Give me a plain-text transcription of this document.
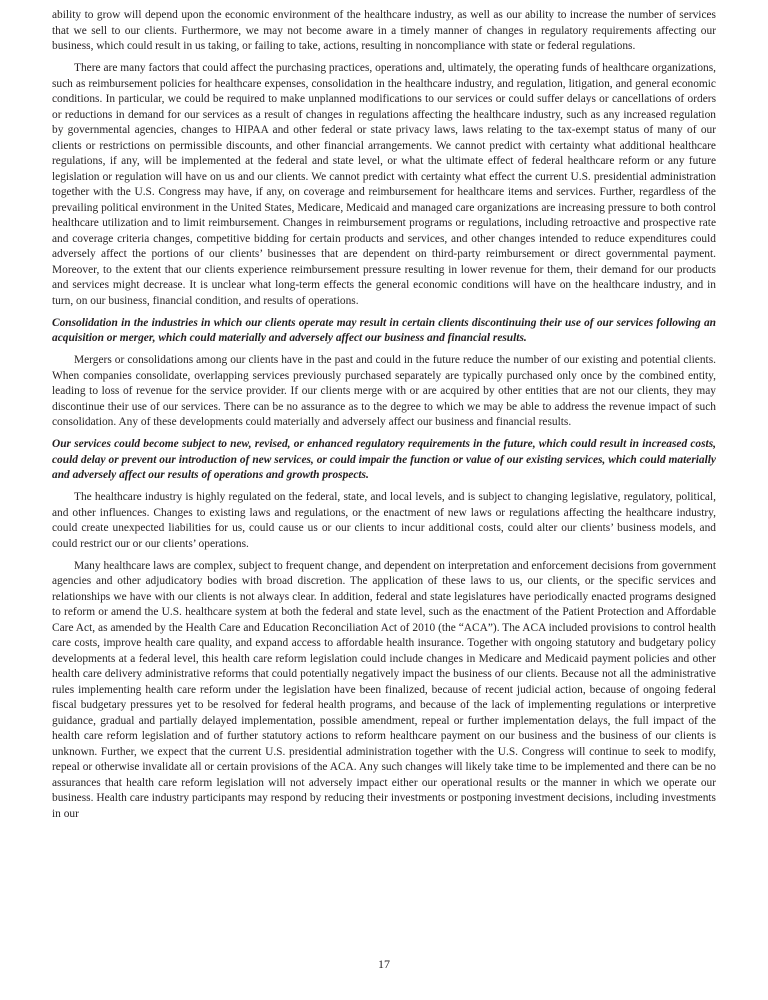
ability to grow will depend upon the economic environment of the healthcare industry, as well as our ability to increase the number of services that we sell to our clients. Furthermore, we may not become aware in a timely manner of changes in regulatory requirements affecting our business, which could result in us taking, or failing to take, actions, resulting in noncompliance with state or federal regulations.

There are many factors that could affect the purchasing practices, operations and, ultimately, the operating funds of healthcare organizations, such as reimbursement policies for healthcare expenses, consolidation in the healthcare industry, and regulation, litigation, and general economic conditions. In particular, we could be required to make unplanned modifications to our services or could suffer delays or cancellations of orders or reductions in demand for our services as a result of changes in regulations affecting the healthcare industry, such as any increased regulation by governmental agencies, changes to HIPAA and other federal or state privacy laws, laws relating to the tax-exempt status of many of our clients or restrictions on permissible discounts, and other financial arrangements. We cannot predict with certainty what additional healthcare regulations, if any, will be implemented at the federal and state level, or what the ultimate effect of federal healthcare reform or any future legislation or regulation will have on us and our clients. We cannot predict with certainty what effect the current U.S. presidential administration together with the U.S. Congress may have, if any, on coverage and reimbursement for healthcare items and services. Further, regardless of the prevailing political environment in the United States, Medicare, Medicaid and managed care organizations are increasing pressure to both control healthcare utilization and to limit reimbursement. Changes in reimbursement programs or regulations, including retroactive and prospective rate and coverage criteria changes, competitive bidding for certain products and services, and other changes intended to reduce expenditures could adversely affect the portions of our clients’ businesses that are dependent on third-party reimbursement or direct governmental payment. Moreover, to the extent that our clients experience reimbursement pressure resulting in lower revenue for them, their demand for our products and services might decrease. It is unclear what long-term effects the general economic conditions will have on the healthcare industry, and in turn, on our business, financial condition, and results of operations.

Consolidation in the industries in which our clients operate may result in certain clients discontinuing their use of our services following an acquisition or merger, which could materially and adversely affect our business and financial results.

Mergers or consolidations among our clients have in the past and could in the future reduce the number of our existing and potential clients. When companies consolidate, overlapping services previously purchased separately are typically purchased only once by the combined entity, leading to loss of revenue for the service provider. If our clients merge with or are acquired by other entities that are not our clients, they may discontinue their use of our services. There can be no assurance as to the degree to which we may be able to address the revenue impact of such consolidation. Any of these developments could materially and adversely affect our business and financial results.

Our services could become subject to new, revised, or enhanced regulatory requirements in the future, which could result in increased costs, could delay or prevent our introduction of new services, or could impair the function or value of our existing services, which could materially and adversely affect our results of operations and growth prospects.

The healthcare industry is highly regulated on the federal, state, and local levels, and is subject to changing legislative, regulatory, political, and other influences. Changes to existing laws and regulations, or the enactment of new laws or regulations affecting the healthcare industry, could create unexpected liabilities for us, could cause us or our clients to incur additional costs, could alter our clients’ business models, and could restrict our or our clients’ operations.

Many healthcare laws are complex, subject to frequent change, and dependent on interpretation and enforcement decisions from government agencies and other adjudicatory bodies with broad discretion. The application of these laws to us, our clients, or the specific services and relationships we have with our clients is not always clear. In addition, federal and state legislatures have periodically enacted programs designed to reform or amend the U.S. healthcare system at both the federal and state level, such as the enactment of the Patient Protection and Affordable Care Act, as amended by the Health Care and Education Reconciliation Act of 2010 (the “ACA”). The ACA included provisions to control health care costs, improve health care quality, and expand access to affordable health insurance. Together with ongoing statutory and budgetary policy developments at a federal level, this health care reform legislation could include changes in Medicare and Medicaid payment policies and other health care delivery administrative reforms that could potentially negatively impact the business of our clients. Because not all the administrative rules implementing health care reform under the legislation have been finalized, because of recent judicial action, because of ongoing federal fiscal budgetary pressures yet to be resolved for federal health programs, and because of the lack of implementing regulations or interpretive guidance, gradual and partially delayed implementation, possible amendment, repeal or further implementation delays, the full impact of the health care reform legislation and of further statutory actions to reform healthcare payment on our business and the business of our clients is unknown. Further, we expect that the current U.S. presidential administration together with the U.S. Congress will continue to seek to modify, repeal or otherwise invalidate all or certain provisions of the ACA. Any such changes will likely take time to be implemented and there can be no assurances that health care reform legislation will not adversely impact either our operational results or the manner in which we operate our business. Health care industry participants may respond by reducing their investments or postponing investment decisions, including investments in our

17
